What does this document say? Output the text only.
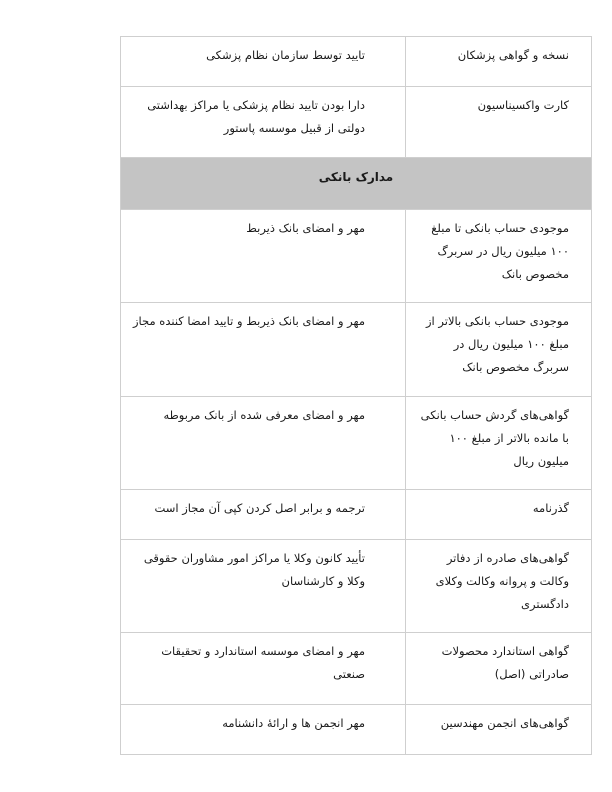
نسخه و گواهی پزشکان	تایید توسط سازمان نظام پزشکی

کارت واکسیناسیون	دارا بودن تایید نظام پزشکی یا مراکز بهداشتی دولتی از قبیل موسسه پاستور

مدارک بانکی	

موجودی حساب بانکی تا مبلغ ۱۰۰ میلیون ریال در سربرگ مخصوص بانک	مهر و امضای بانک ذیربط

موجودی حساب بانکی بالاتر از مبلغ ۱۰۰ میلیون ریال در سربرگ مخصوص بانک	مهر و امضای بانک ذیربط و تایید امضا کننده مجاز

گواهی‌های گردش حساب بانکی با مانده بالاتر از مبلغ ۱۰۰ میلیون ریال	مهر و امضای معرفی شده از بانک مربوطه

گذرنامه	ترجمه و برابر اصل کردن کپی آن مجاز است

گواهی‌های صادره از دفاتر وکالت و پروانه وکالت وکلای دادگستری	تأیید کانون وکلا یا مراکز امور مشاوران حقوقی وکلا و کارشناسان

گواهی استاندارد محصولات صادراتی (اصل)	مهر و امضای موسسه استاندارد و تحقیقات صنعتی

گواهی‌های انجمن مهندسین	مهر انجمن ها و ارائهٔ دانشنامه
